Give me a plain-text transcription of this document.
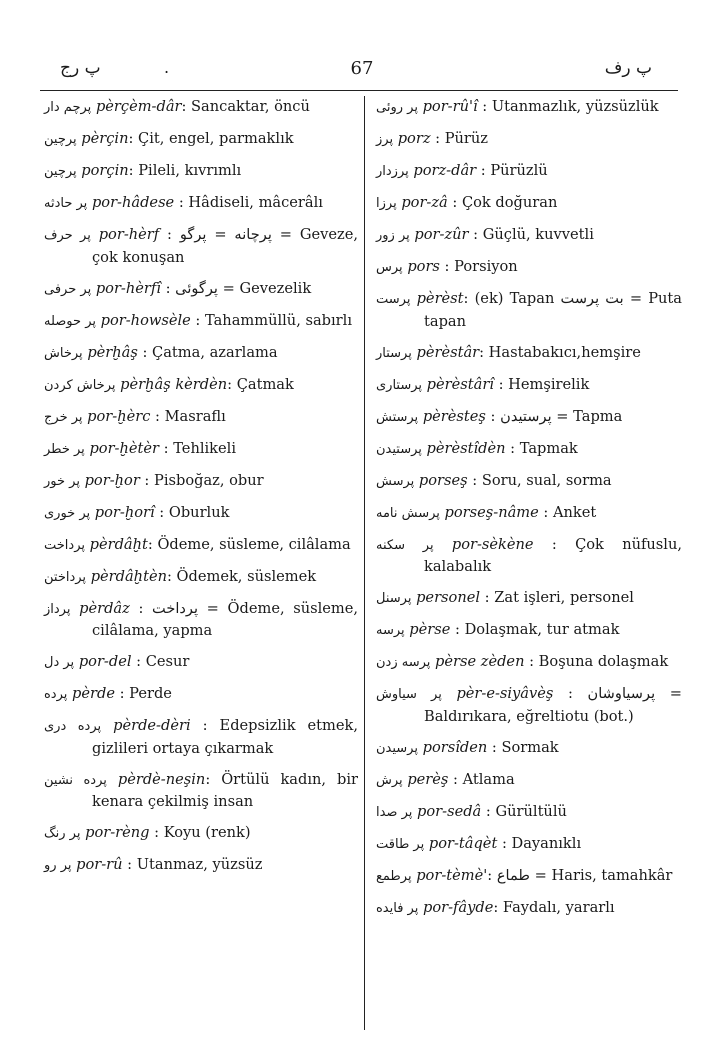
پ رج	.	67	پ رف
پرچم دار pèrçèm-dâr: Sancaktar, öncü
پرچين pèrçin: Çit, engel, parmaklık
پرچين porçin: Pileli, kıvrımlı
پر حادثه por-hâdese : Hâdiseli, mâcerâlı
پر حرف por-hèrf : پرچانه = پرگو = Geveze, çok konuşan
پر حرفی por-hèrfî : پرگوئی = Gevezelik
پر حوصله por-howsèle : Tahammüllü, sabırlı
پرخاش pèrḫâş : Çatma, azarlama
پرخاش كردن pèrḫâş kèrdèn: Çatmak
پر خرج por-ḫèrc : Masraflı
پر خطر por-ḫètèr : Tehlikeli
پر خور por-ḫor : Pisboğaz, obur
پر خورى por-ḫorî : Oburluk
پرداخت pèrdâḫt: Ödeme, süsleme, cilâlama
پرداختن pèrdâḫtèn: Ödemek, süslemek
پرداز pèrdâz : پرداخت = Ödeme, süsleme, cilâlama, yapma
پر دل por-del : Cesur
پرده pèrde : Perde
پرده درى pèrde-dèri : Edepsizlik etmek, gizlileri ortaya çıkarmak
پرده نشين pèrdè-neşin: Örtülü kadın, bir kenara çekilmiş insan
پر رنگ por-rèng : Koyu (renk)
پر رو por-rû : Utanmaz, yüzsüz
پر روئى por-rû'î : Utanmazlık, yüzsüzlük
پرز porz : Pürüz
پرزدار porz-dâr : Pürüzlü
پرزا por-zâ : Çok doğuran
پر زور por-zûr : Güçlü, kuvvetli
پرس pors : Porsiyon
پرست pèrèst: (ek) Tapan بت پرست = Puta tapan
پرستار pèrèstâr: Hastabakıcı,hemşire
پرستارى pèrèstârî : Hemşirelik
پرستش pèrèsteş : پرستيدن = Tapma
پرستيدن pèrèstîdèn : Tapmak
پرسش porseş : Soru, sual, sorma
پرسش نامه porseş-nâme : Anket
پر سكنه por-sèkène : Çok nüfuslu, kalabalık
پرسنل personel : Zat işleri, personel
پرسه pèrse : Dolaşmak, tur atmak
پرسه زدن pèrse zèden : Boşuna dolaşmak
پر سياوش pèr-e-siyâvèş : پرسياوشان = Baldırıkara, eğreltiotu (bot.)
پرسيدن porsîden : Sormak
پرش perèş : Atlama
پر صدا por-sedâ : Gürültülü
پر طاقت por-tâqèt : Dayanıklı
پرطمع por-tèmè': طماع = Haris, tamahkâr
پر فايده por-fâyde: Faydalı, yararlı
